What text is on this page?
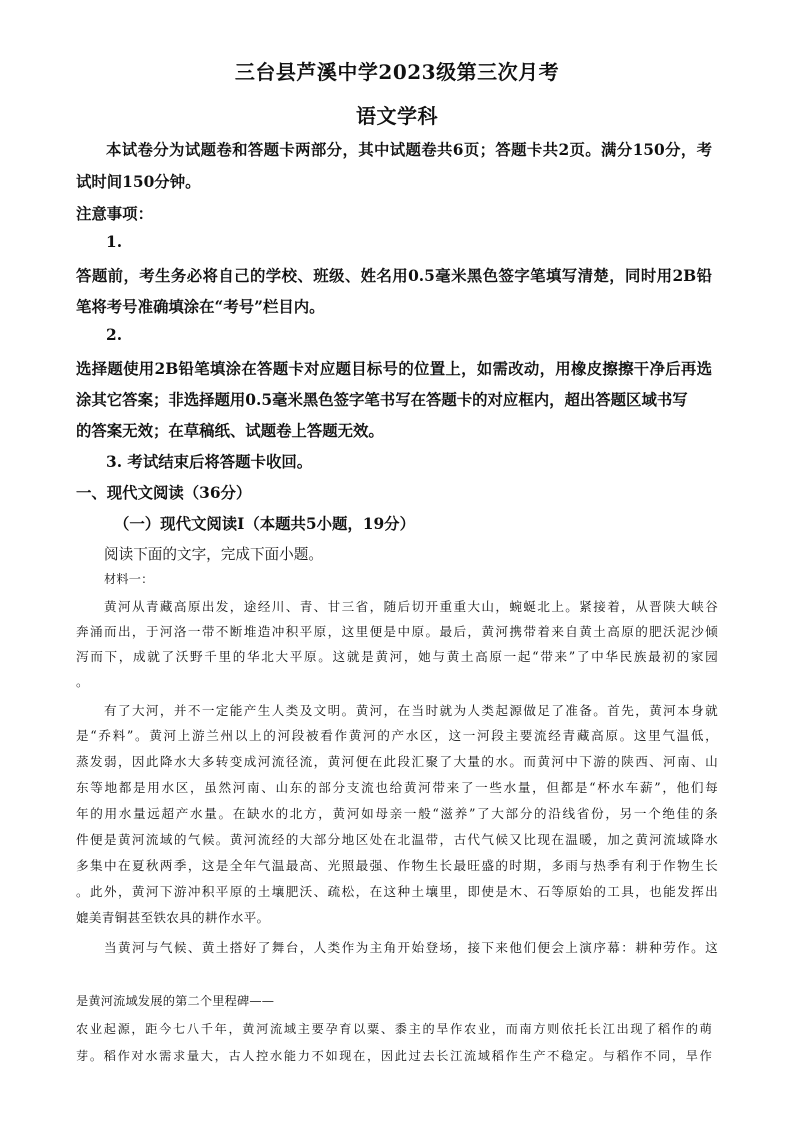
三台县芦溪中学2023级第三次月考
语文学科
本试卷分为试题卷和答题卡两部分，其中试题卷共6页；答题卡共2页。满分150分，考
试时间150分钟。
注意事项：
1.
答题前，考生务必将自己的学校、班级、姓名用0.5毫米黑色签字笔填写清楚，同时用2B铅
笔将考号准确填涂在“考号”栏目内。
2.
选择题使用2B铅笔填涂在答题卡对应题目标号的位置上，如需改动，用橡皮擦擦干净后再选
涂其它答案；非选择题用0.5毫米黑色签字笔书写在答题卡的对应框内，超出答题区域书写
的答案无效；在草稿纸、试题卷上答题无效。
3. 考试结束后将答题卡收回。
一、现代文阅读（36分）
（一）现代文阅读I（本题共5小题，19分）
阅读下面的文字，完成下面小题。
材料一：
黄河从青藏高原出发，途经川、青、甘三省，随后切开重重大山，蜿蜒北上。紧接着，从晋陕大峡谷
奔涌而出，于河洛一带不断堆造冲积平原，这里便是中原。最后，黄河携带着来自黄土高原的肥沃泥沙倾
泻而下，成就了沃野千里的华北大平原。这就是黄河，她与黄土高原一起“带来”了中华民族最初的家园
。
有了大河，并不一定能产生人类及文明。黄河，在当时就为人类起源做足了准备。首先，黄河本身就
是“乔料”。黄河上游兰州以上的河段被看作黄河的产水区，这一河段主要流经青藏高原。这里气温低，
蒸发弱，因此降水大多转变成河流径流，黄河便在此段汇聚了大量的水。而黄河中下游的陕西、河南、山
东等地都是用水区，虽然河南、山东的部分支流也给黄河带来了一些水量，但都是“杯水车薪”，他们每
年的用水量远超产水量。在缺水的北方，黄河如母亲一般“滋养”了大部分的沿线省份，另一个绝佳的条
件便是黄河流域的气候。黄河流经的大部分地区处在北温带，古代气候又比现在温暖，加之黄河流域降水
多集中在夏秋两季，这是全年气温最高、光照最强、作物生长最旺盛的时期，多雨与热季有利于作物生长
。此外，黄河下游冲积平原的土壤肥沃、疏松，在这种土壤里，即使是木、石等原始的工具，也能发挥出
媲美青铜甚至铁农具的耕作水平。
当黄河与气候、黄土搭好了舞台，人类作为主角开始登场，接下来他们便会上演序幕：耕种劳作。这
是黄河流域发展的第二个里程碑——
农业起源，距今七八千年，黄河流域主要孕育以粟、黍主的旱作农业，而南方则依托长江出现了稻作的萌
芽。稻作对水需求量大，古人控水能力不如现在，因此过去长江流域稻作生产不稳定。与稻作不同，旱作
